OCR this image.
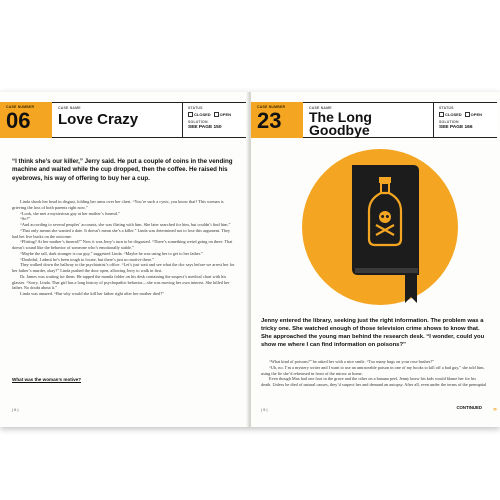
CASE NUMBER
06	CASE NAME
Love Crazy
STATUS
CLOSED OPEN
SOLUTION
SEE PAGE 150
“I think she’s our killer,” Jerry said. He put a couple of coins in the vending machine and waited while the cup dropped, then the coffee. He raised his eyebrows, his way of offering to buy her a cup.

Linda shook her head in disgust, folding her arms over her chest. “You’re such a cynic, you know that? This woman is grieving the loss of both parents right now.”

“Look, she met a mysterious guy at her mother’s funeral.”

“So?”

“And according to several peoples’ accounts, she was flirting with him. She later searched for him, but couldn’t find him.”

“That only means she wanted a date. It doesn’t mean she’s a killer.” Linda was determined not to lose this argument. They had bet five bucks on the outcome.

“Flirting? At her mother’s funeral?” Now it was Jerry’s turn to be disgusted. “There’s something weird going on there. That doesn’t sound like the behavior of someone who’s emotionally stable.”

“Maybe the tall, dark stranger is our guy,” suggested Linda. “Maybe he was using her to get to her father.”

“Doubtful, I admit he’s been tough to locate, but there’s just no motive there.”

They walked down the hallway to the psychiatrist’s office. “Let’s just wait and see what the doc says before we arrest her for her father’s murder, okay?” Linda pushed the door open, allowing Jerry to walk in first.

Dr. James was waiting for them. He tapped the manila folder on his desk containing the suspect’s medical chart with his glasses. “Sorry, Linda. That girl has a long history of psychopathic behavior—she was moving her own interest. She killed her father. No doubt about it.”

Linda was amazed. “But why would she kill her father right after her mother died?”

What was the woman’s motive?
| 6 |
CASE NUMBER
23	CASE NAME
The Long
Goodbye
STATUS
CLOSED OPEN
SOLUTION
SEE PAGE 166
Jenny entered the library, seeking just the right information. The problem was a tricky one. She watched enough of those television crime shows to know that. She approached the young man behind the research desk. “I wonder, could you show me where I can find information on poisons?”

“What kind of poisons?” he asked her with a nice smile. “Too many bugs on your rose bushes?”

“Uh, no. I’m a mystery writer and I want to use an untraceable poison in one of my books to kill off a bad guy,” she told him, using the lie she’d rehearsed in front of the mirror at home.

Even though Max had one foot in the grave and the other on a banana peel, Jenny knew his kids would blame her for his death. Unless he died of natural causes, they’d suspect her and demand an autopsy. After all, even under the terms of the prenuptial

| 9 |	CONTINUED ›››
